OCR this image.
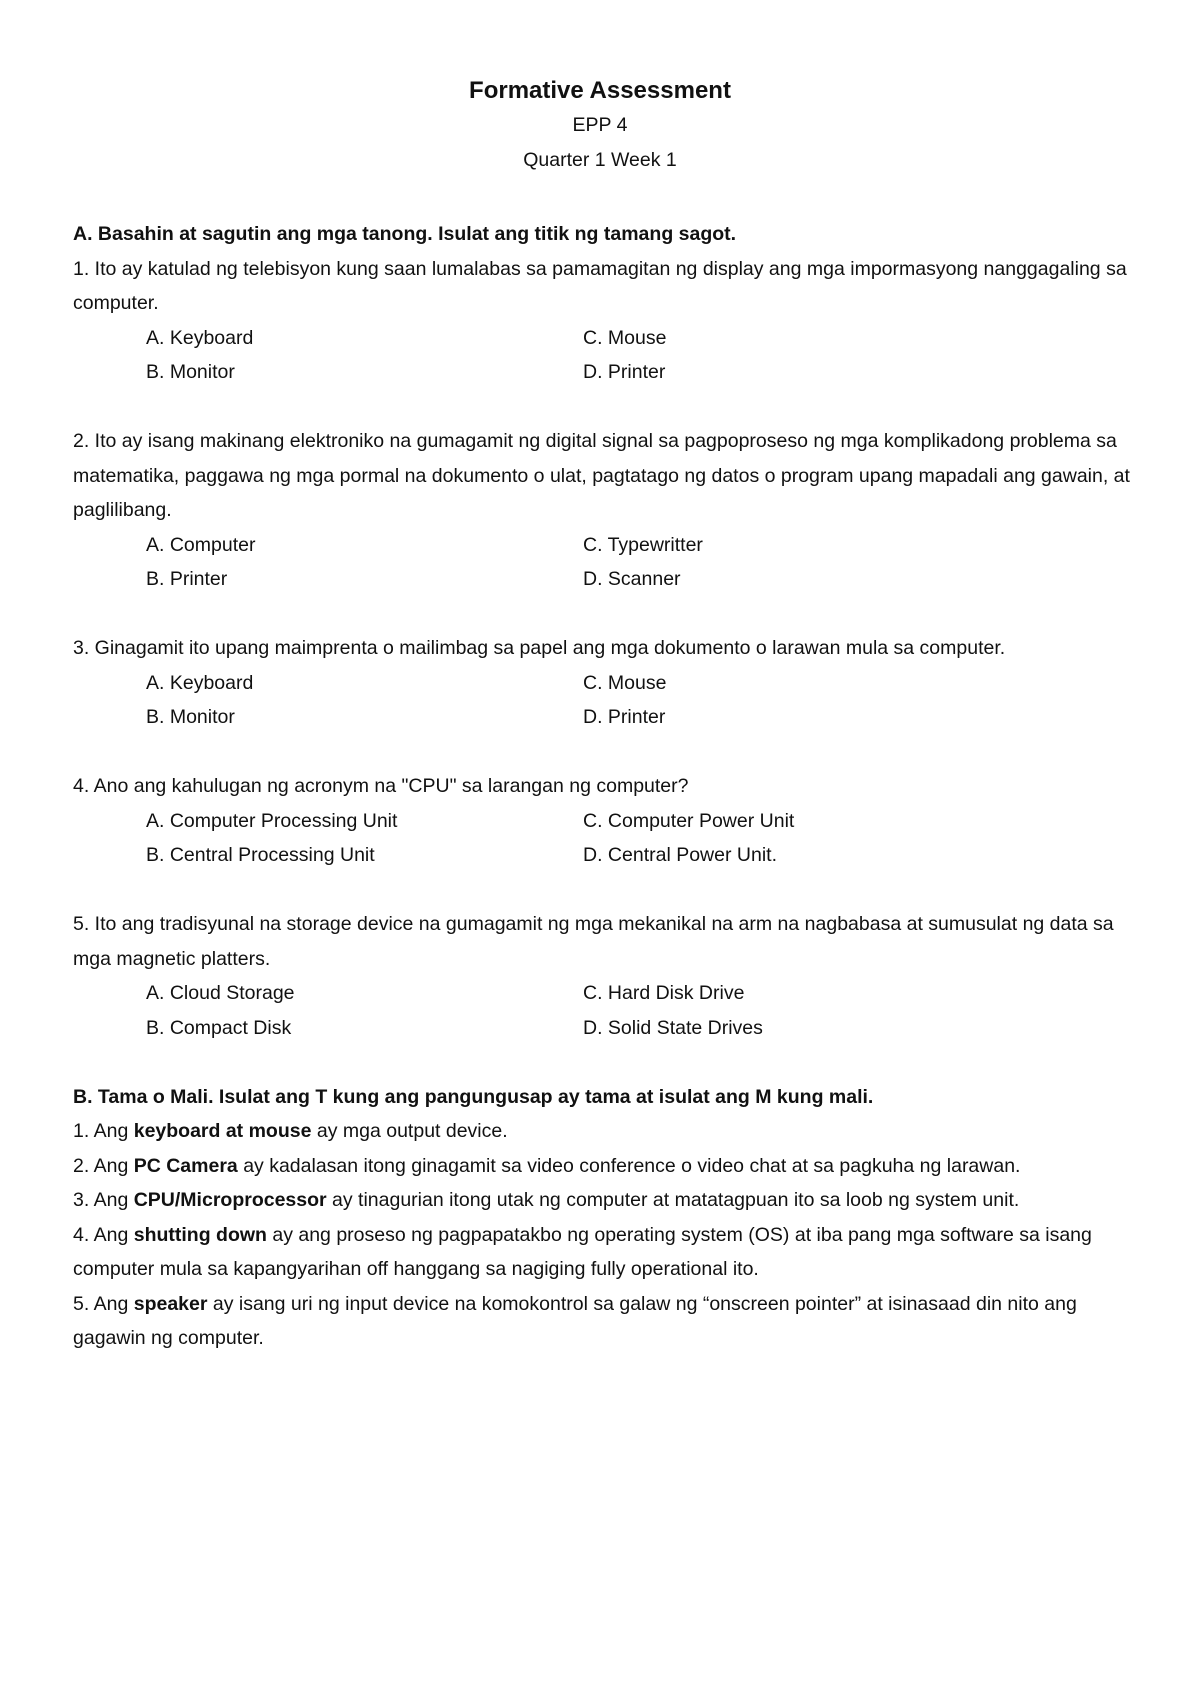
Formative Assessment
EPP 4
Quarter 1 Week 1
A. Basahin at sagutin ang mga tanong. Isulat ang titik ng tamang sagot.
1. Ito ay katulad ng telebisyon kung saan lumalabas sa pamamagitan ng display ang mga impormasyong nanggagaling sa computer.
A. Keyboard	C. Mouse
B. Monitor	D. Printer
2. Ito ay isang makinang elektroniko na gumagamit ng digital signal sa pagpoproseso ng mga komplikadong problema sa matematika, paggawa ng mga pormal na dokumento o ulat, pagtatago ng datos o program upang mapadali ang gawain, at paglilibang.
A. Computer	C. Typewritter
B. Printer	D. Scanner
3. Ginagamit ito upang maimprenta o mailimbag sa papel ang mga dokumento o larawan mula sa computer.
A. Keyboard	C. Mouse
B. Monitor	D. Printer
4. Ano ang kahulugan ng acronym na "CPU" sa larangan ng computer?
A. Computer Processing Unit	C. Computer Power Unit
B. Central Processing Unit	D. Central Power Unit.
5. Ito ang tradisyunal na storage device na gumagamit ng mga mekanikal na arm na nagbabasa at sumusulat ng data sa mga magnetic platters.
A. Cloud Storage	C. Hard Disk Drive
B. Compact Disk	D. Solid State Drives
B. Tama o Mali. Isulat ang T kung ang pangungusap ay tama at isulat ang M kung mali.
1. Ang keyboard at mouse ay mga output device.
2. Ang PC Camera ay kadalasan itong ginagamit sa video conference o video chat at sa pagkuha ng larawan.
3. Ang CPU/Microprocessor ay tinagurian itong utak ng computer at matatagpuan ito sa loob ng system unit.
4. Ang shutting down ay ang proseso ng pagpapatakbo ng operating system (OS) at iba pang mga software sa isang computer mula sa kapangyarihan off hanggang sa nagiging fully operational ito.
5. Ang speaker ay isang uri ng input device na komokontrol sa galaw ng “onscreen pointer” at isinasaad din nito ang gagawin ng computer.
